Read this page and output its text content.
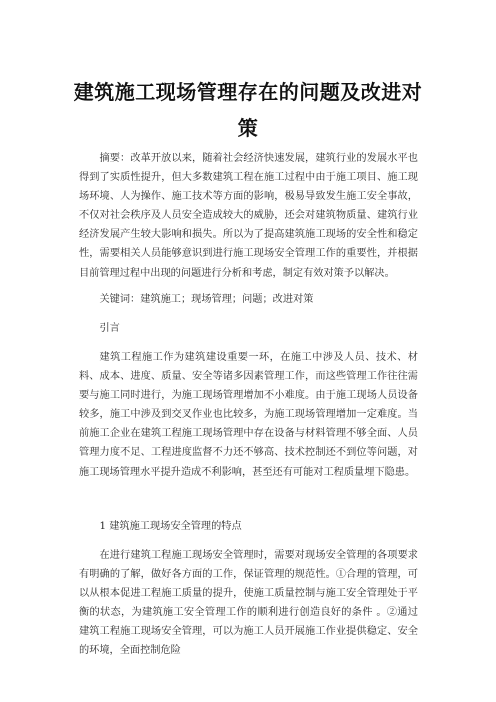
建筑施工现场管理存在的问题及改进对策

摘要：改革开放以来，随着社会经济快速发展，建筑行业的发展水平也得到了实质性提升，但大多数建筑工程在施工过程中由于施工项目、施工现场环境、人为操作、施工技术等方面的影响，极易导致发生施工安全事故，不仅对社会秩序及人员安全造成较大的威胁，还会对建筑物质量、建筑行业经济发展产生较大影响和损失。所以为了提高建筑施工现场的安全性和稳定性，需要相关人员能够意识到进行施工现场安全管理工作的重要性，并根据目前管理过程中出现的问题进行分析和考虑，制定有效对策予以解决。

关键词：建筑施工；现场管理；问题；改进对策

引言

建筑工程施工作为建筑建设重要一环，在施工中涉及人员、技术、材料、成本、进度、质量、安全等诸多因素管理工作，而这些管理工作往往需要与施工同时进行，为施工现场管理增加不小难度。由于施工现场人员设备较多，施工中涉及到交叉作业也比较多，为施工现场管理增加一定难度。当前施工企业在建筑工程施工现场管理中存在设备与材料管理不够全面、人员管理力度不足、工程进度监督不力还不够高、技术控制还不到位等问题，对施工现场管理水平提升造成不利影响，甚至还有可能对工程质量埋下隐患。

1 建筑施工现场安全管理的特点

在进行建筑工程施工现场安全管理时，需要对现场安全管理的各项要求有明确的了解，做好各方面的工作，保证管理的规范性。①合理的管理，可以从根本促进工程施工质量的提升，使施工质量控制与施工安全管理处于平衡的状态，为建筑施工安全管理工作的顺利进行创造良好的条件 。②通过建筑工程施工现场安全管理，可以为施工人员开展施工作业提供稳定、安全的环境，全面控制危险
